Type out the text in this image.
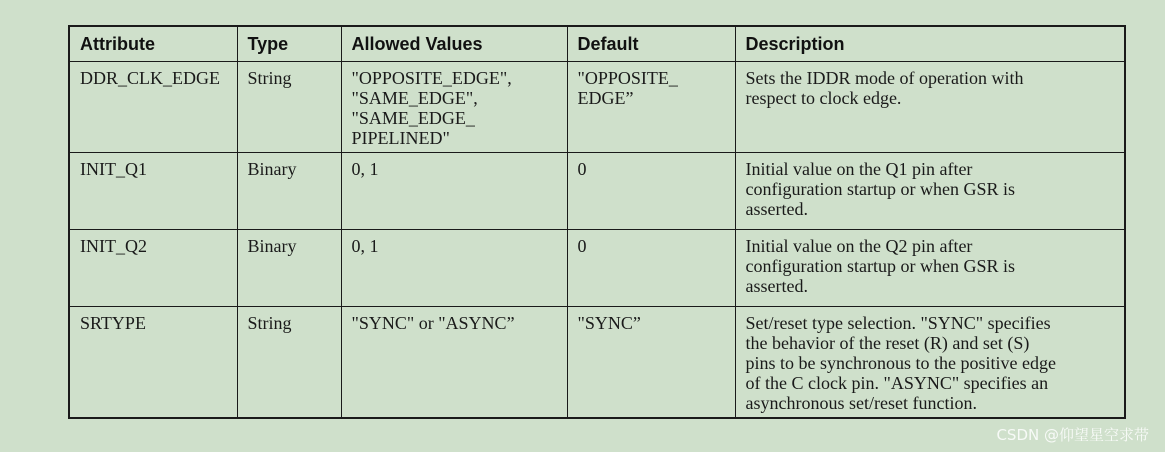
Attribute	Type	Allowed Values	Default	Description

DDR_CLK_EDGE	String	"OPPOSITE_EDGE",
"SAME_EDGE",
"SAME_EDGE_
PIPELINED"	"OPPOSITE_
EDGE”	Sets the IDDR mode of operation with
respect to clock edge.

INIT_Q1	Binary	0, 1	0	Initial value on the Q1 pin after
configuration startup or when GSR is
asserted.

INIT_Q2	Binary	0, 1	0	Initial value on the Q2 pin after
configuration startup or when GSR is
asserted.

SRTYPE	String	"SYNC" or "ASYNC”	"SYNC”	Set/reset type selection. "SYNC" specifies
the behavior of the reset (R) and set (S)
pins to be synchronous to the positive edge
of the C clock pin. "ASYNC" specifies an
asynchronous set/reset function.
CSDN @仰望星空求带
